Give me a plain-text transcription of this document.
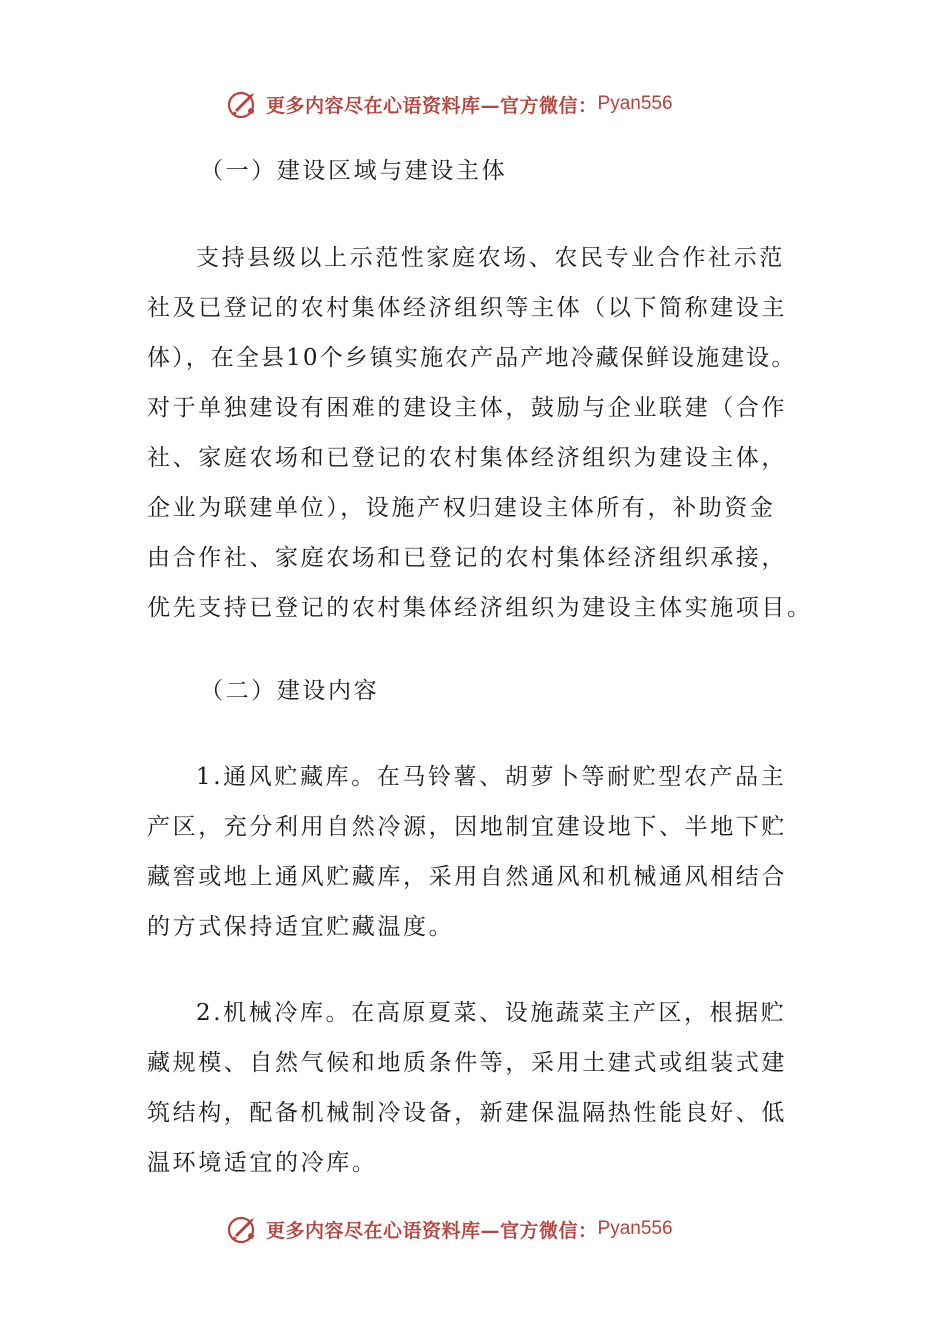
更多内容尽在心语资料库—官方微信： Pyan556
（一）建设区域与建设主体
支持县级以上示范性家庭农场、农民专业合作社示范
社及已登记的农村集体经济组织等主体（以下简称建设主
体），在全县10个乡镇实施农产品产地冷藏保鲜设施建设。
对于单独建设有困难的建设主体，鼓励与企业联建（合作
社、家庭农场和已登记的农村集体经济组织为建设主体，
企业为联建单位），设施产权归建设主体所有，补助资金
由合作社、家庭农场和已登记的农村集体经济组织承接，
优先支持已登记的农村集体经济组织为建设主体实施项目。
（二）建设内容
1.通风贮藏库。在马铃薯、胡萝卜等耐贮型农产品主
产区，充分利用自然冷源，因地制宜建设地下、半地下贮
藏窖或地上通风贮藏库，采用自然通风和机械通风相结合
的方式保持适宜贮藏温度。
2.机械冷库。在高原夏菜、设施蔬菜主产区，根据贮
藏规模、自然气候和地质条件等，采用土建式或组装式建
筑结构，配备机械制冷设备，新建保温隔热性能良好、低
温环境适宜的冷库。
更多内容尽在心语资料库—官方微信： Pyan556
